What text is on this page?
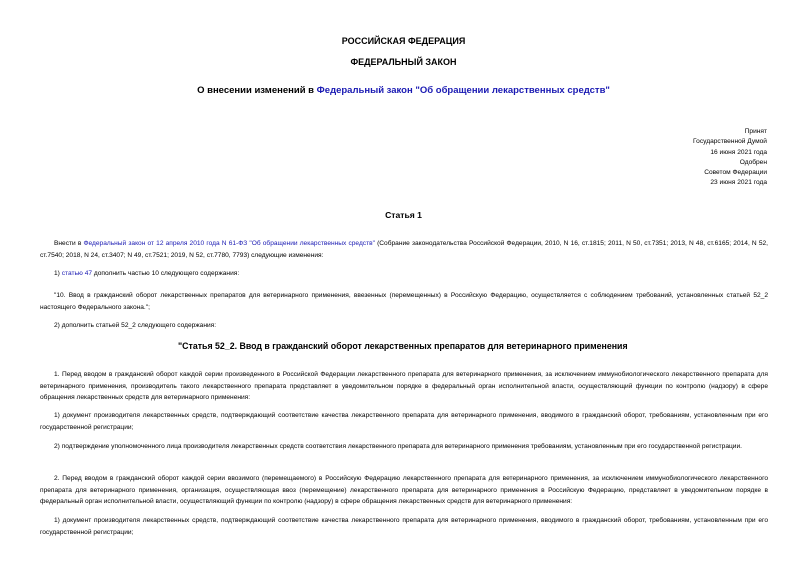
РОССИЙСКАЯ ФЕДЕРАЦИЯ
ФЕДЕРАЛЬНЫЙ ЗАКОН
О внесении изменений в Федеральный закон "Об обращении лекарственных средств"
Принят
Государственной Думой
16 июня 2021 года
Одобрен
Советом Федерации
23 июня 2021 года
Статья 1
Внести в Федеральный закон от 12 апреля 2010 года N 61-ФЗ "Об обращении лекарственных средств" (Собрание законодательства Российской Федерации, 2010, N 16, ст.1815; 2011, N 50, ст.7351; 2013, N 48, ст.6165; 2014, N 52, ст.7540; 2018, N 24, ст.3407; N 49, ст.7521; 2019, N 52, ст.7780, 7793) следующие изменения:
1) статью 47 дополнить частью 10 следующего содержания:
"10. Ввод в гражданский оборот лекарственных препаратов для ветеринарного применения, ввезенных (перемещенных) в Российскую Федерацию, осуществляется с соблюдением требований, установленных статьей 52_2 настоящего Федерального закона.";
2) дополнить статьей 52_2 следующего содержания:
"Статья 52_2. Ввод в гражданский оборот лекарственных препаратов для ветеринарного применения
1. Перед вводом в гражданский оборот каждой серии произведенного в Российской Федерации лекарственного препарата для ветеринарного применения, за исключением иммунобиологического лекарственного препарата для ветеринарного применения, производитель такого лекарственного препарата представляет в уведомительном порядке в федеральный орган исполнительной власти, осуществляющий функции по контролю (надзору) в сфере обращения лекарственных средств для ветеринарного применения:
1) документ производителя лекарственных средств, подтверждающий соответствие качества лекарственного препарата для ветеринарного применения, вводимого в гражданский оборот, требованиям, установленным при его государственной регистрации;
2) подтверждение уполномоченного лица производителя лекарственных средств соответствия лекарственного препарата для ветеринарного применения требованиям, установленным при его государственной регистрации.
2. Перед вводом в гражданский оборот каждой серии ввозимого (перемещаемого) в Российскую Федерацию лекарственного препарата для ветеринарного применения, за исключением иммунобиологического лекарственного препарата для ветеринарного применения, организация, осуществляющая ввоз (перемещение) лекарственного препарата для ветеринарного применения в Российскую Федерацию, представляет в уведомительном порядке в федеральный орган исполнительной власти, осуществляющий функции по контролю (надзору) в сфере обращения лекарственных средств для ветеринарного применения:
1) документ производителя лекарственных средств, подтверждающий соответствие качества лекарственного препарата для ветеринарного применения, вводимого в гражданский оборот, требованиям, установленным при его государственной регистрации;
